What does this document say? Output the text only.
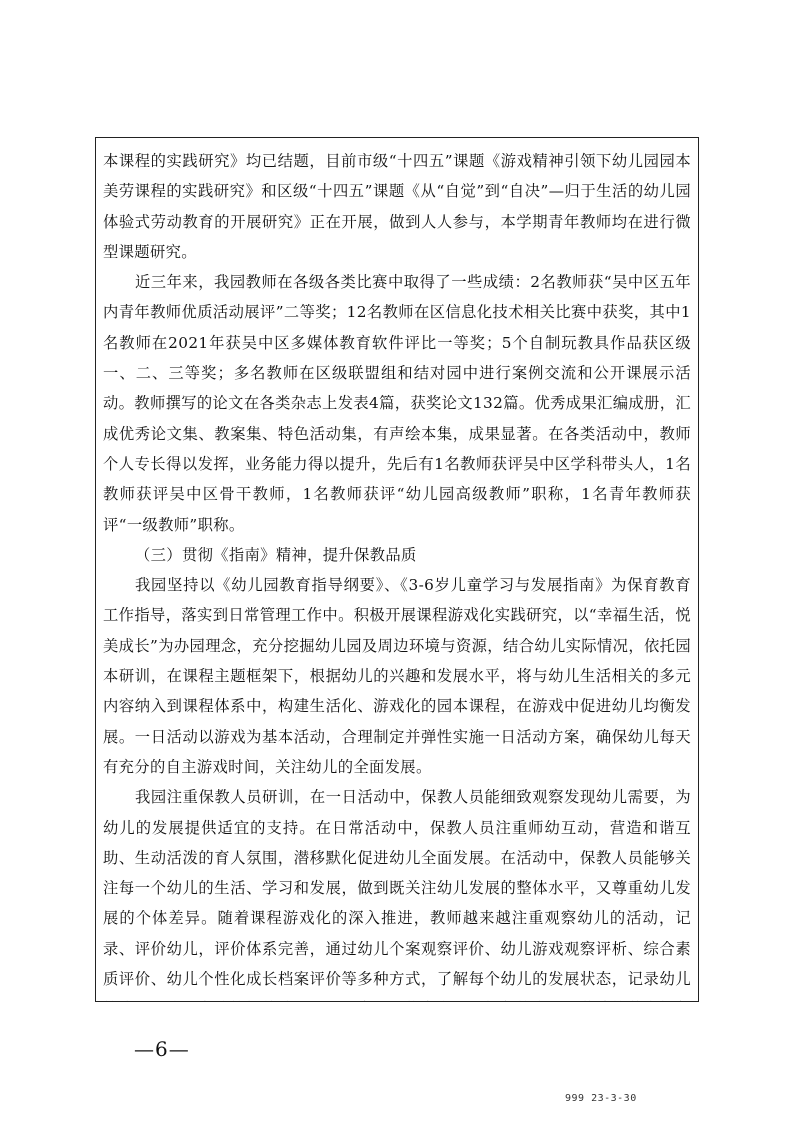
本课程的实践研究》均已结题，目前市级“十四五”课题《游戏精神引领下幼儿园园本美劳课程的实践研究》和区级“十四五”课题《从“自觉”到“自决”—归于生活的幼儿园体验式劳动教育的开展研究》正在开展，做到人人参与，本学期青年教师均在进行微型课题研究。

近三年来，我园教师在各级各类比赛中取得了一些成绩：2名教师获“吴中区五年内青年教师优质活动展评”二等奖；12名教师在区信息化技术相关比赛中获奖，其中1名教师在2021年获吴中区多媒体教育软件评比一等奖；5个自制玩教具作品获区级一、二、三等奖；多名教师在区级联盟组和结对园中进行案例交流和公开课展示活动。教师撰写的论文在各类杂志上发表4篇，获奖论文132篇。优秀成果汇编成册，汇成优秀论文集、教案集、特色活动集，有声绘本集，成果显著。在各类活动中，教师个人专长得以发挥，业务能力得以提升，先后有1名教师获评吴中区学科带头人，1名教师获评吴中区骨干教师，1名教师获评“幼儿园高级教师”职称，1名青年教师获评“一级教师”职称。

（三）贯彻《指南》精神，提升保教品质

我园坚持以《幼儿园教育指导纲要》、《3-6岁儿童学习与发展指南》为保育教育工作指导，落实到日常管理工作中。积极开展课程游戏化实践研究，以“幸福生活，悦美成长”为办园理念，充分挖掘幼儿园及周边环境与资源，结合幼儿实际情况，依托园本研训，在课程主题框架下，根据幼儿的兴趣和发展水平，将与幼儿生活相关的多元内容纳入到课程体系中，构建生活化、游戏化的园本课程，在游戏中促进幼儿均衡发展。一日活动以游戏为基本活动，合理制定并弹性实施一日活动方案，确保幼儿每天有充分的自主游戏时间，关注幼儿的全面发展。

我园注重保教人员研训，在一日活动中，保教人员能细致观察发现幼儿需要，为幼儿的发展提供适宜的支持。在日常活动中，保教人员注重师幼互动，营造和谐互助、生动活泼的育人氛围，潜移默化促进幼儿全面发展。在活动中，保教人员能够关注每一个幼儿的生活、学习和发展，做到既关注幼儿发展的整体水平，又尊重幼儿发展的个体差异。随着课程游戏化的深入推进，教师越来越注重观察幼儿的活动，记录、评价幼儿，评价体系完善，通过幼儿个案观察评价、幼儿游戏观察评析、综合素质评价、幼儿个性化成长档案评价等多种方式，了解每个幼儿的发展状态，记录幼儿

—6—
999 23-3-30
